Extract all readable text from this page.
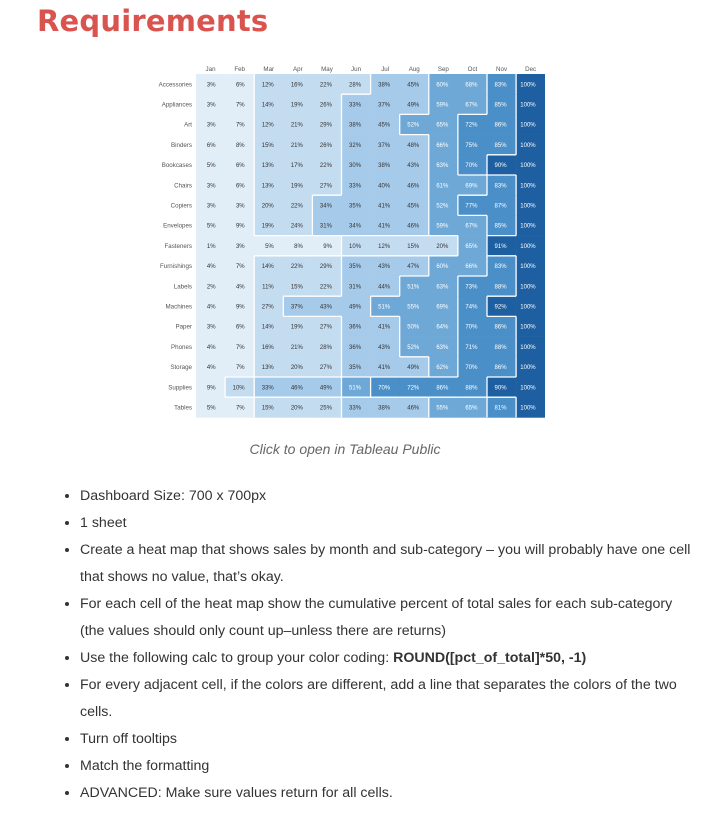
Requirements
Jan	Feb	Mar	Apr	May	Jun	Jul	Aug	Sep	Oct	Nov	Dec
Accessories 3%	6%	12%	16%	22%	28%	38%	45%	60%	68%	83% 100%
Appliances 3%	7%	14%	19%	26%	33%	37%	49%	59%	67%	85% 100%
Art 3%	7%	12%	21%	29%	38%	45%	52%	65%	72%	86% 100%
Binders 6%	8%	15%	21%	26%	32%	37%	48%	66%	75%	85% 100%
Bookcases 5%	6%	13%	17%	22%	30%	38%	43%	63%	70%	90% 100%
Chairs 3%	6%	13%	19%	27%	33%	40%	46%	61%	69%	83% 100%
Copiers 3%	3%	20%	22%	34%	35%	41%	45%	52%	77%	87% 100%
Envelopes 5%	9%	19%	24%	31%	34%	41%	46%	59%	67%	85% 100%
Fasteners 1%	3%	5%	8%	9%	10%	12%	15%	20%	65%	91% 100%
Furnishings 4%	7%	14%	22%	29%	35%	43%	47%	60%	66%	83% 100%
Labels 2%	4%	11%	15%	22%	31%	44%	51%	63%	73%	88% 100%
Machines 4%	9%	27%	37%	43%	49%	51%	55%	69%	74%	92% 100%
Paper 3%	6%	14%	19%	27%	36%	41%	50%	64%	70%	86% 100%
Phones 4%	7%	16%	21%	28%	36%	43%	52%	63%	71%	88% 100%
Storage 4%	7%	13%	20%	27%	35%	41%	49%	62%	70%	86% 100%
Supplies 9%	10%	33%	46%	49%	51%	70%	72%	86%	88%	90% 100%
Tables 5%	7%	15%	20%	25%	33%	38%	46%	55%	65%	81% 100%
Click to open in Tableau Public
• Dashboard Size: 700 x 700px
• 1 sheet
• Create a heat map that shows sales by month and sub-category – you will probably have one cell that shows no value, that’s okay.
• For each cell of the heat map show the cumulative percent of total sales for each sub-category (the values should only count up–unless there are returns)
• Use the following calc to group your color coding: ROUND([pct_of_total]*50, -1)
• For every adjacent cell, if the colors are different, add a line that separates the colors of the two cells.
• Turn off tooltips
• Match the formatting
• ADVANCED: Make sure values return for all cells.
